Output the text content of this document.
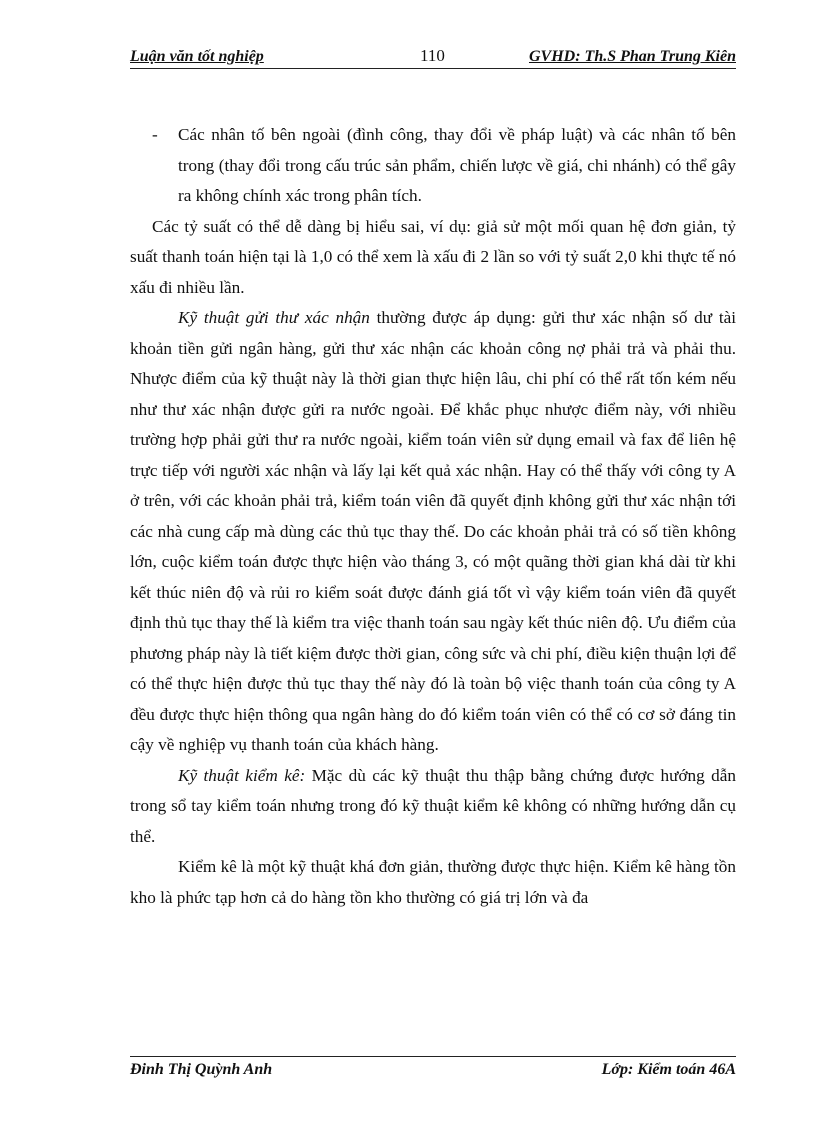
Luận văn tốt nghiệp	110	GVHD: Th.S Phan Trung Kiên

- Các nhân tố bên ngoài (đình công, thay đổi về pháp luật) và các nhân tố bên trong (thay đổi trong cấu trúc sản phẩm, chiến lược về giá, chi nhánh) có thể gây ra không chính xác trong phân tích.

Các tỷ suất có thể dễ dàng bị hiểu sai, ví dụ: giả sử một mối quan hệ đơn giản, tỷ suất thanh toán hiện tại là 1,0 có thể xem là xấu đi 2 lần so với tỷ suất 2,0 khi thực tế nó xấu đi nhiều lần.

Kỹ thuật gửi thư xác nhận thường được áp dụng: gửi thư xác nhận số dư tài khoản tiền gửi ngân hàng, gửi thư xác nhận các khoản công nợ phải trả và phải thu. Nhược điểm của kỹ thuật này là thời gian thực hiện lâu, chi phí có thể rất tốn kém nếu như thư xác nhận được gửi ra nước ngoài. Để khắc phục nhược điểm này, với nhiều trường hợp phải gửi thư ra nước ngoài, kiểm toán viên sử dụng email và fax để liên hệ trực tiếp với người xác nhận và lấy lại kết quả xác nhận. Hay có thể thấy với công ty A ở trên, với các khoản phải trả, kiểm toán viên đã quyết định không gửi thư xác nhận tới các nhà cung cấp mà dùng các thủ tục thay thế. Do các khoản phải trả có số tiền không lớn, cuộc kiểm toán được thực hiện vào tháng 3, có một quãng thời gian khá dài từ khi kết thúc niên độ và rủi ro kiểm soát được đánh giá tốt vì vậy kiểm toán viên đã quyết định thủ tục thay thế là kiểm tra việc thanh toán sau ngày kết thúc niên độ. Ưu điểm của phương pháp này là tiết kiệm được thời gian, công sức và chi phí, điều kiện thuận lợi để có thể thực hiện được thủ tục thay thế này đó là toàn bộ việc thanh toán của công ty A đều được thực hiện thông qua ngân hàng do đó kiểm toán viên có thể có cơ sở đáng tin cậy về nghiệp vụ thanh toán của khách hàng.

Kỹ thuật kiểm kê: Mặc dù các kỹ thuật thu thập bằng chứng được hướng dẫn trong sổ tay kiểm toán nhưng trong đó kỹ thuật kiểm kê không có những hướng dẫn cụ thể.

Kiểm kê là một kỹ thuật khá đơn giản, thường được thực hiện. Kiểm kê hàng tồn kho là phức tạp hơn cả do hàng tồn kho thường có giá trị lớn và đa

Đinh Thị Quỳnh Anh	Lớp: Kiểm toán 46A
